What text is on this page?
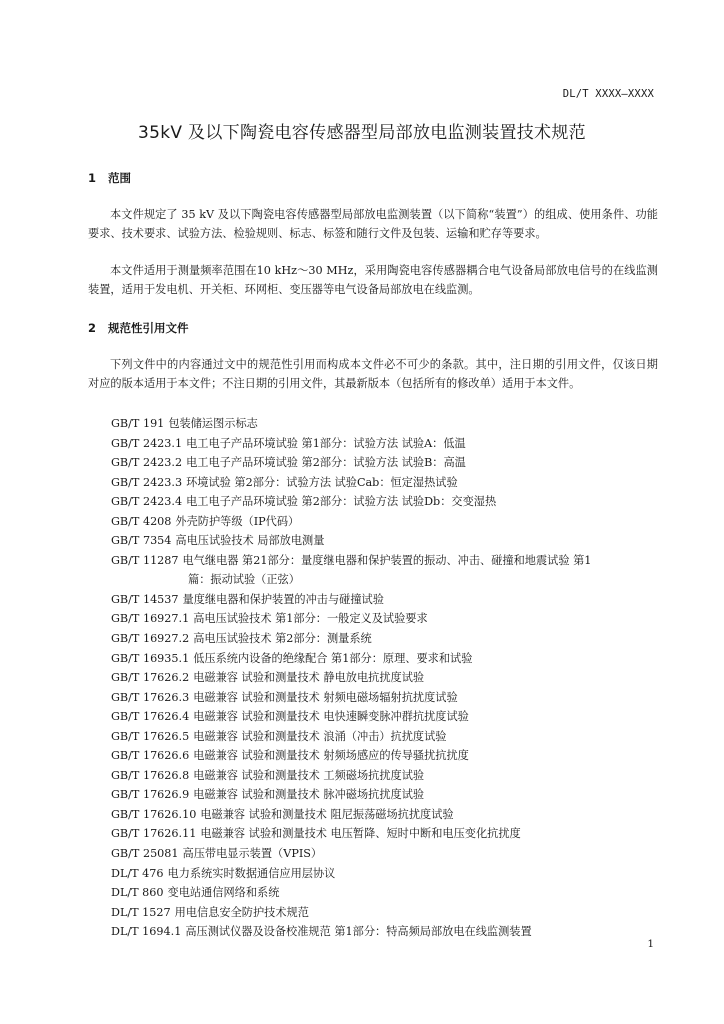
DL/T XXXX—XXXX
35kV 及以下陶瓷电容传感器型局部放电监测装置技术规范
1 范围

本文件规定了 35 kV 及以下陶瓷电容传感器型局部放电监测装置（以下简称“装置”）的组成、使用条件、功能要求、技术要求、试验方法、检验规则、标志、标签和随行文件及包装、运输和贮存等要求。

本文件适用于测量频率范围在10 kHz～30 MHz，采用陶瓷电容传感器耦合电气设备局部放电信号的在线监测装置，适用于发电机、开关柜、环网柜、变压器等电气设备局部放电在线监测。

2 规范性引用文件

下列文件中的内容通过文中的规范性引用而构成本文件必不可少的条款。其中，注日期的引用文件，仅该日期对应的版本适用于本文件；不注日期的引用文件，其最新版本（包括所有的修改单）适用于本文件。

GB/T 191 包装储运图示标志
GB/T 2423.1 电工电子产品环境试验 第1部分：试验方法 试验A：低温
GB/T 2423.2 电工电子产品环境试验 第2部分：试验方法 试验B：高温
GB/T 2423.3 环境试验 第2部分：试验方法 试验Cab：恒定湿热试验
GB/T 2423.4 电工电子产品环境试验 第2部分：试验方法 试验Db：交变湿热
GB/T 4208 外壳防护等级（IP代码）
GB/T 7354 高电压试验技术 局部放电测量
GB/T 11287 电气继电器 第21部分：量度继电器和保护装置的振动、冲击、碰撞和地震试验 第1
篇：振动试验（正弦）
GB/T 14537 量度继电器和保护装置的冲击与碰撞试验
GB/T 16927.1 高电压试验技术 第1部分：一般定义及试验要求
GB/T 16927.2 高电压试验技术 第2部分：测量系统
GB/T 16935.1 低压系统内设备的绝缘配合 第1部分：原理、要求和试验
GB/T 17626.2 电磁兼容 试验和测量技术 静电放电抗扰度试验
GB/T 17626.3 电磁兼容 试验和测量技术 射频电磁场辐射抗扰度试验
GB/T 17626.4 电磁兼容 试验和测量技术 电快速瞬变脉冲群抗扰度试验
GB/T 17626.5 电磁兼容 试验和测量技术 浪涌（冲击）抗扰度试验
GB/T 17626.6 电磁兼容 试验和测量技术 射频场感应的传导骚扰抗扰度
GB/T 17626.8 电磁兼容 试验和测量技术 工频磁场抗扰度试验
GB/T 17626.9 电磁兼容 试验和测量技术 脉冲磁场抗扰度试验
GB/T 17626.10 电磁兼容 试验和测量技术 阻尼振荡磁场抗扰度试验
GB/T 17626.11 电磁兼容 试验和测量技术 电压暂降、短时中断和电压变化抗扰度
GB/T 25081 高压带电显示装置（VPIS）
DL/T 476 电力系统实时数据通信应用层协议
DL/T 860 变电站通信网络和系统
DL/T 1527 用电信息安全防护技术规范
DL/T 1694.1 高压测试仪器及设备校准规范 第1部分：特高频局部放电在线监测装置
1
